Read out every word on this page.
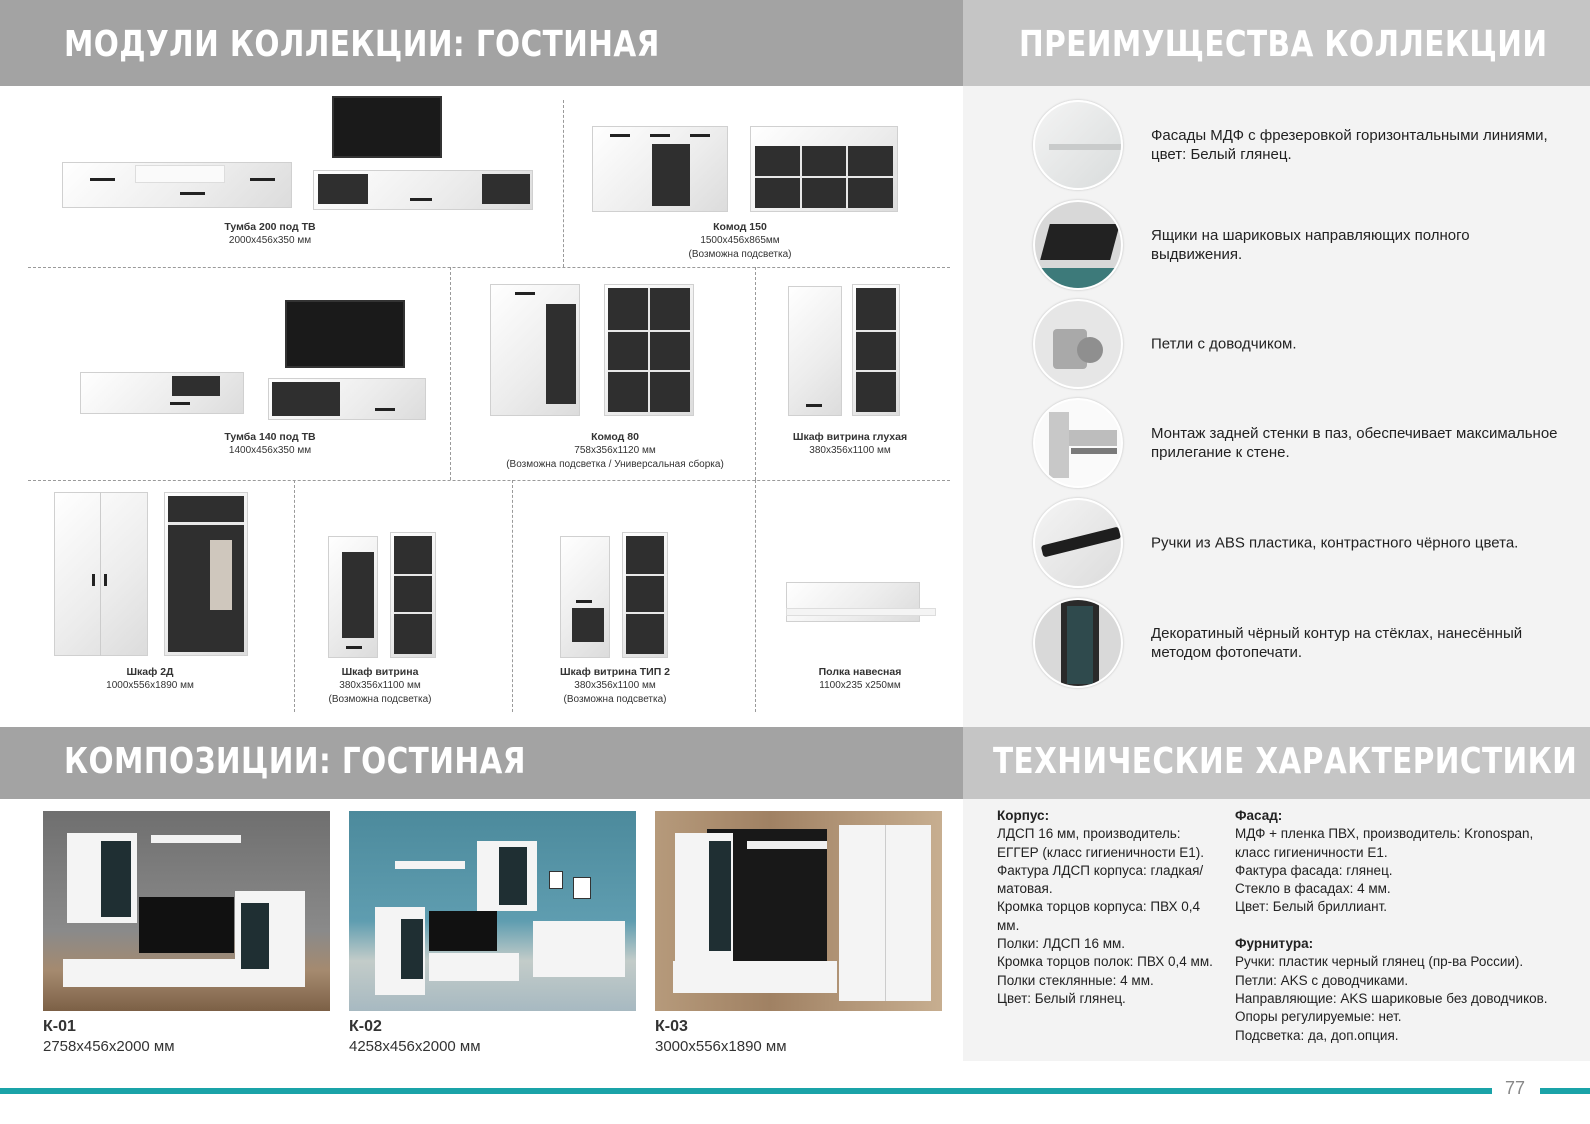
МОДУЛИ КОЛЛЕКЦИИ: ГОСТИНАЯ	ПРЕИМУЩЕСТВА КОЛЛЕКЦИИ
КОМПОЗИЦИИ: ГОСТИНАЯ	ТЕХНИЧЕСКИЕ ХАРАКТЕРИСТИКИ
Тумба 200 под ТВ
2000х456х350 мм
Комод 150
1500х456х865мм
(Возможна подсветка)
Тумба 140 под ТВ
1400х456х350 мм
Комод 80
758х356х1120 мм
(Возможна подсветка / Универсальная сборка)
Шкаф витрина глухая
380х356х1100 мм
Шкаф 2Д
1000х556х1890 мм
Шкаф витрина
380х356х1100 мм
(Возможна подсветка)
Шкаф витрина ТИП 2
380х356х1100 мм
(Возможна подсветка)
Полка навесная
1100х235 х250мм
Фасады МДФ с фрезеровкой горизонтальными линиями, цвет: Белый глянец.
Ящики на шариковых направляющих полного выдвижения.
Петли с доводчиком.
Монтаж задней стенки в паз, обеспечивает максимальное прилегание к стене.
Ручки из ABS пластика, контрастного чёрного цвета.
Декоратиный чёрный контур на стёклах, нанесённый методом фотопечати.
К-01
2758х456х2000 мм
К-02
4258х456х2000 мм
К-03
3000х556х1890 мм
Корпус:
ЛДСП 16 мм, производитель:
ЕГГЕР (класс гигиеничности Е1).
Фактура ЛДСП корпуса: гладкая/
матовая.
Кромка торцов корпуса: ПВХ 0,4
мм.
Полки: ЛДСП 16 мм.
Кромка торцов полок: ПВХ 0,4 мм.
Полки стеклянные: 4 мм.
Цвет: Белый глянец.
Фасад:
МДФ + пленка ПВХ, производитель: Kronospan,
класс гигиеничности Е1.
Фактура фасада: глянец.
Стекло в фасадах: 4 мм.
Цвет: Белый бриллиант.

Фурнитура:
Ручки: пластик черный глянец (пр-ва России).
Петли: AKS с доводчиками.
Направляющие: AKS шариковые без доводчиков.
Опоры регулируемые: нет.
Подсветка: да, доп.опция.
77
